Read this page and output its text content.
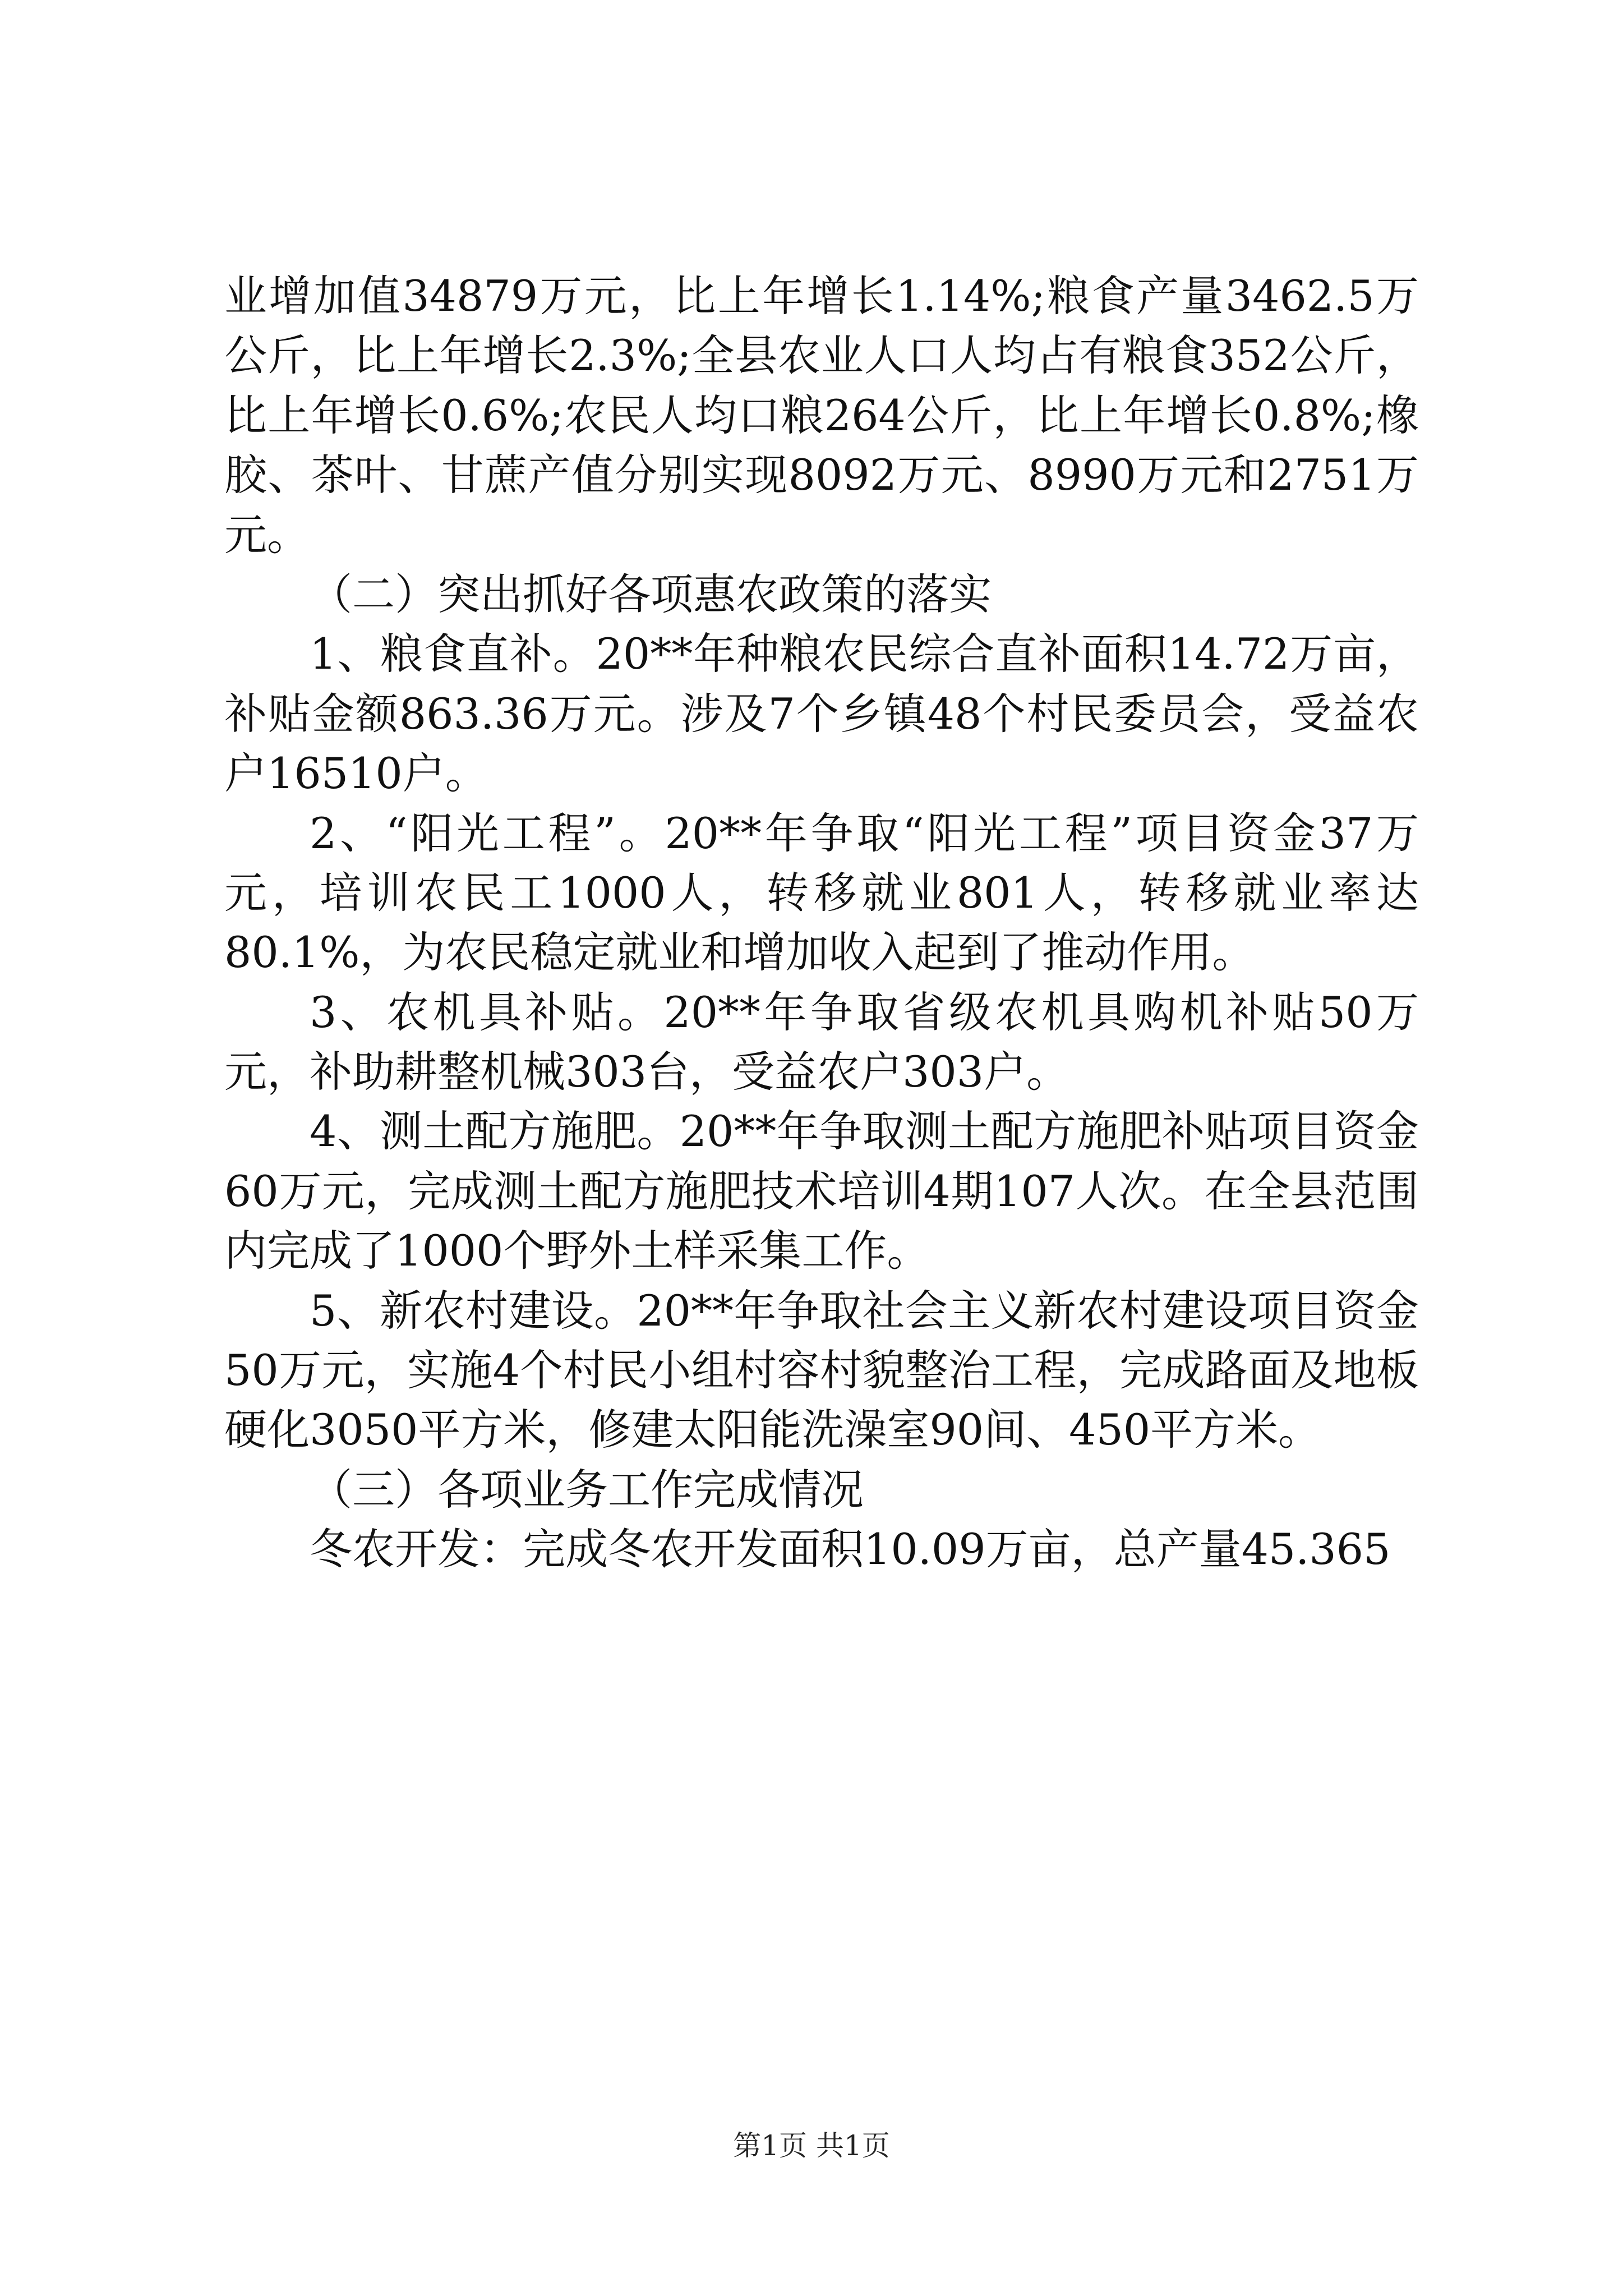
业增加值34879万元，比上年增长1.14%;粮食产量3462.5万公斤，比上年增长2.3%;全县农业人口人均占有粮食352公斤，比上年增长0.6%;农民人均口粮264公斤，比上年增长0.8%;橡胶、茶叶、甘蔗产值分别实现8092万元、8990万元和2751万元。

（二）突出抓好各项惠农政策的落实

1、粮食直补。20**年种粮农民综合直补面积14.72万亩，补贴金额863.36万元。涉及7个乡镇48个村民委员会，受益农户16510户。

2、“阳光工程”。20**年争取“阳光工程”项目资金37万元，培训农民工1000人，转移就业801人，转移就业率达80.1%，为农民稳定就业和增加收入起到了推动作用。

3、农机具补贴。20**年争取省级农机具购机补贴50万元，补助耕整机械303台，受益农户303户。

4、测土配方施肥。20**年争取测土配方施肥补贴项目资金60万元，完成测土配方施肥技术培训4期107人次。在全县范围内完成了1000个野外土样采集工作。

5、新农村建设。20**年争取社会主义新农村建设项目资金50万元，实施4个村民小组村容村貌整治工程，完成路面及地板硬化3050平方米，修建太阳能洗澡室90间、450平方米。

（三）各项业务工作完成情况

冬农开发：完成冬农开发面积10.09万亩，总产量45.365

第1页 共1页
